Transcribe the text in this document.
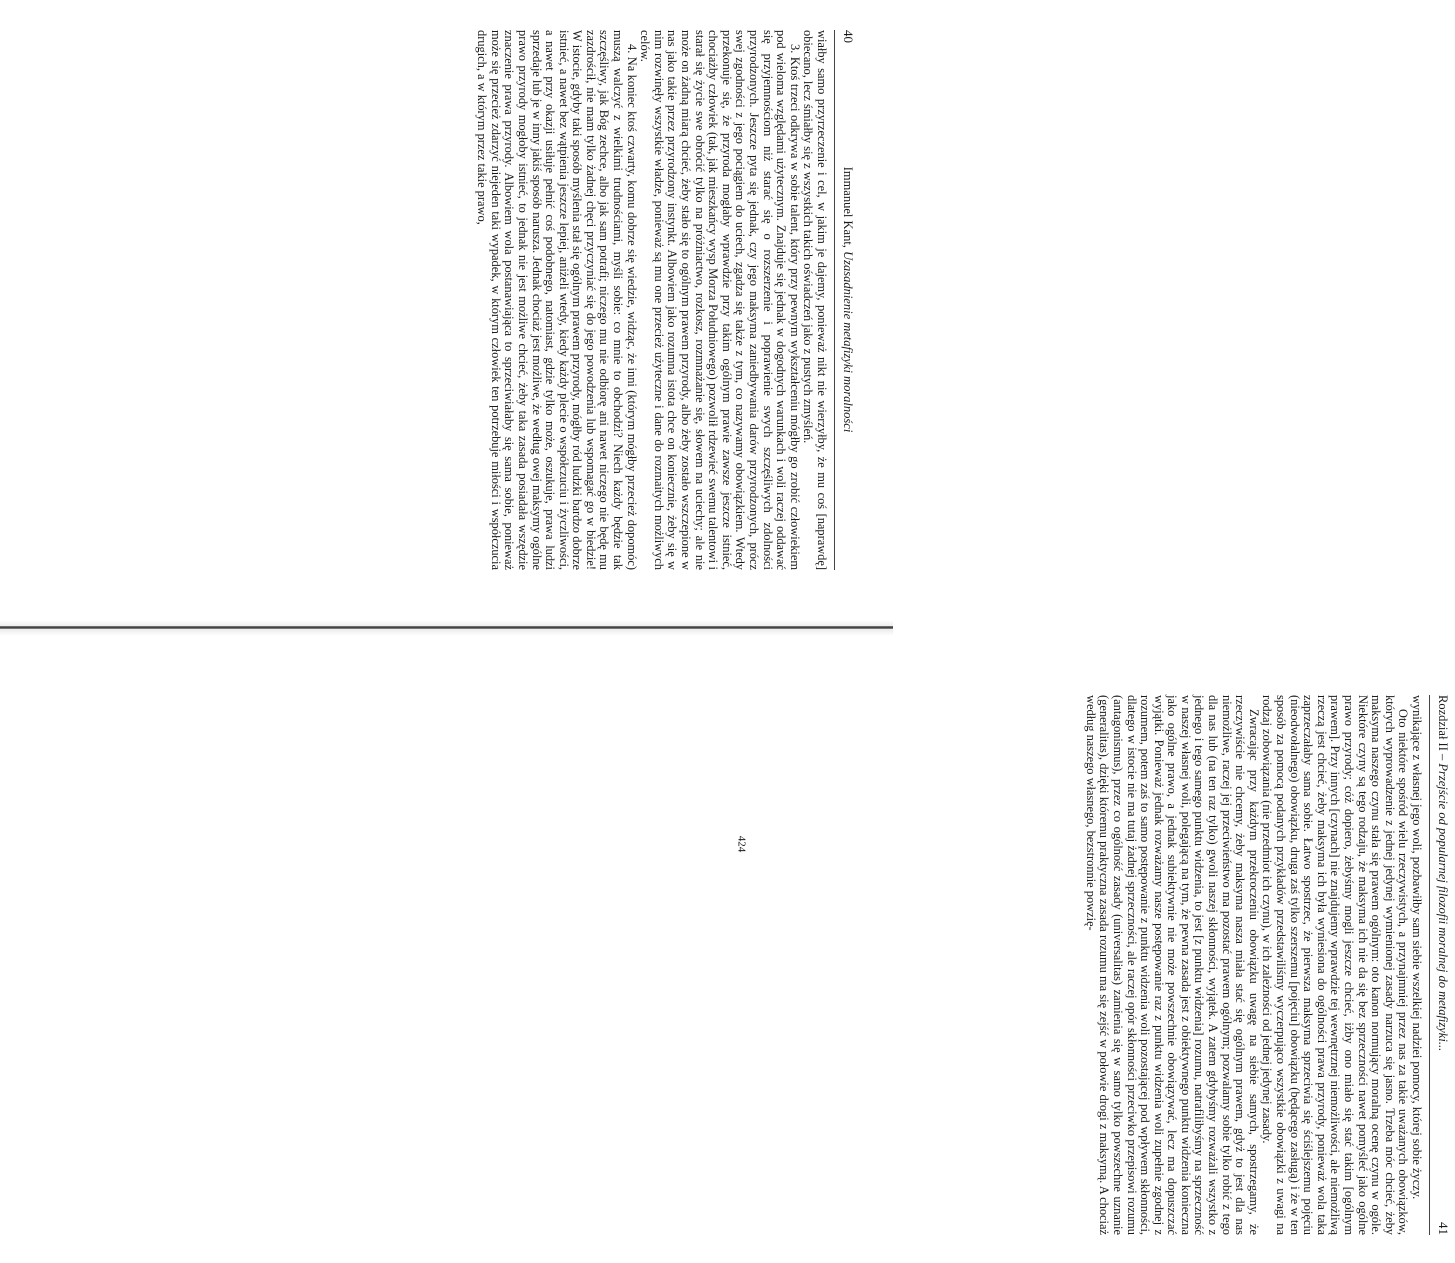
40
Immanuel Kant, Uzasadnienie metafizyki moralności

wiałby samo przyrzeczenie i cel, w jakim je dajemy, ponieważ nikt nie wierzyłby, że mu coś [naprawdę] obiecano, lecz śmiałby się z wszystkich takich oświadczeń jako z pustych zmyśleń.

3. Ktoś trzeci odkrywa w sobie talent, który przy pewnym wykształceniu mógłby go zrobić człowiekiem pod wieloma względami użytecznym. Znajduje się jednak w dogodnych warunkach i woli raczej oddawać się przyjemnościom niż starać się o rozszerzenie i poprawienie swych szczęśliwych zdolności przyrodzonych. Jeszcze pyta się jednak, czy jego maksyma zaniedbywania darów przyrodzonych, prócz swej zgodności z jego pociągiem do uciech, zgadza się także z tym, co nazywamy obowiązkiem. Wtedy przekonuje się, że przyroda mogłaby wprawdzie przy takim ogólnym prawie zawsze jeszcze istnieć, chociażby człowiek (tak, jak mieszkańcy wysp Morza Południowego) pozwolił rdzewieć swemu talentowi i starał się życie swe obrócić tylko na próżniactwo, rozkosz, rozmnażanie się, słowem na uciechy; ale nie może on żadną miarą chcieć, żeby stało się to ogólnym prawem przyrody, albo żeby zostało wszczepione w nas jako takie przez przyrodzony instynkt. Albowiem jako rozumna istota chce on koniecznie, żeby się w nim rozwinęły wszystkie władze, ponieważ są mu one przecież użyteczne i dane do rozmaitych możliwych celów.

4. Na koniec ktoś czwarty, komu dobrze się wiedzie, widząc, że inni (którym mógłby przecież dopomóc) muszą walczyć z wielkimi trudnościami, myśli sobie: co mnie to obchodzi? Niech każdy będzie tak szczęśliwy, jak Bóg zechce, albo jak sam potrafi; niczego mu nie odbiorę ani nawet niczego nie będę mu zazdrościł, nie mam tylko żadnej chęci przyczyniać się do jego powodzenia lub wspomagać go w biedzie! W istocie, gdyby taki sposób myślenia stał się ogólnym prawem przyrody, mógłby ród ludzki bardzo dobrze istnieć, a nawet bez wątpienia jeszcze lepiej, aniżeli wtedy, kiedy każdy plecie o współczuciu i życzliwości, a nawet przy okazji usiłuje pełnić coś podobnego, natomiast, gdzie tylko może, oszukuje, prawa ludzi sprzedaje lub je w inny jakiś sposób narusza. Jednak chociaż jest możliwe, że według owej maksymy ogólne prawo przyrody mogłoby istnieć, to jednak nie jest możliwe chcieć, żeby taka zasada posiadała wszędzie znaczenie prawa przyrody. Albowiem wola postanawiająca to sprzeciwiałaby się sama sobie, ponieważ może się przecież zdarzyć niejeden taki wypadek, w którym człowiek ten potrzebuje miłości i współczucia drugich, a w którym przez takie prawo,

Rozdział II – Przejście od popularnej filozofii moralnej do metafizyki...
41

wynikające z własnej jego woli, pozbawiłby sam siebie wszelkiej nadziei pomocy, której sobie życzy.

Oto niektóre spośród wielu rzeczywistych, a przynajmniej przez nas za takie uważanych obowiązków, których wyprowadzenie z jednej jedynej wymienionej zasady narzuca się jasno. Trzeba móc chcieć, żeby maksyma naszego czynu stała się prawem ogólnym: oto kanon normujący moralną ocenę czynu w ogóle. Niektóre czyny są tego rodzaju, że maksyma ich nie da się bez sprzeczności nawet pomyśleć jako ogólne prawo przyrody; cóż dopiero, żebyśmy mogli jeszcze chcieć, iżby ono miało się stać takim [ogólnym prawem]. Przy innych [czynach] nie znajdujemy wprawdzie tej wewnętrznej niemożliwości, ale niemożliwą rzeczą jest chcieć, żeby maksyma ich była wyniesiona do ogólności prawa przyrody, ponieważ wola taka zaprzeczałaby sama sobie. Łatwo spostrzec, że pierwsza maksyma sprzeciwia się ściślejszemu pojęciu (nieodwołalnego) obowiązku, druga zaś tylko szerszemu [pojęciu] obowiązku (będącego zasługą) i że w ten sposób za pomocą podanych przykładów przedstawiliśmy wyczerpująco wszystkie obowiązki z uwagi na rodzaj zobowiązania (nie przedmiot ich czynu), w ich zależności od jednej jedynej zasady.

Zwracając przy każdym przekroczeniu obowiązku uwagę na siebie samych, spostrzegamy, że rzeczywiście nie chcemy, żeby maksyma nasza miała stać się ogólnym prawem, gdyż to jest dla nas niemożliwe, raczej jej przeciwieństwo ma pozostać prawem ogólnym; pozwalamy sobie tylko robić z tego dla nas lub (na ten raz tylko) gwoli naszej skłonności, wyjątek. A zatem gdybyśmy rozważali wszystko z jednego i tego samego punktu widzenia, to jest [z punktu widzenia] rozumu, natrafilibyśmy na sprzeczność w naszej własnej woli, polegającą na tym, że pewna zasada jest z obiektywnego punktu widzenia konieczna jako ogólne prawo, a jednak subiektywnie nie może powszechnie obowiązywać, lecz ma dopuszczać wyjątki. Ponieważ jednak rozważamy nasze postępowanie raz z punktu widzenia woli zupełnie zgodnej z rozumem, potem zaś to samo postępowanie z punktu widzenia woli pozostającej pod wpływem skłonności, dlatego w istocie nie ma tutaj żadnej sprzeczności, ale raczej opór skłonności przeciwko przepisowi rozumu (antagonismus), przez co ogólność zasady (universalitas) zamienia się w samo tylko powszechne uznanie (generalitas), dzięki któremu praktyczna zasada rozumu ma się zejść w połowie drogi z maksymą. A chociaż według naszego własnego, bezstronnie powzię-

424
